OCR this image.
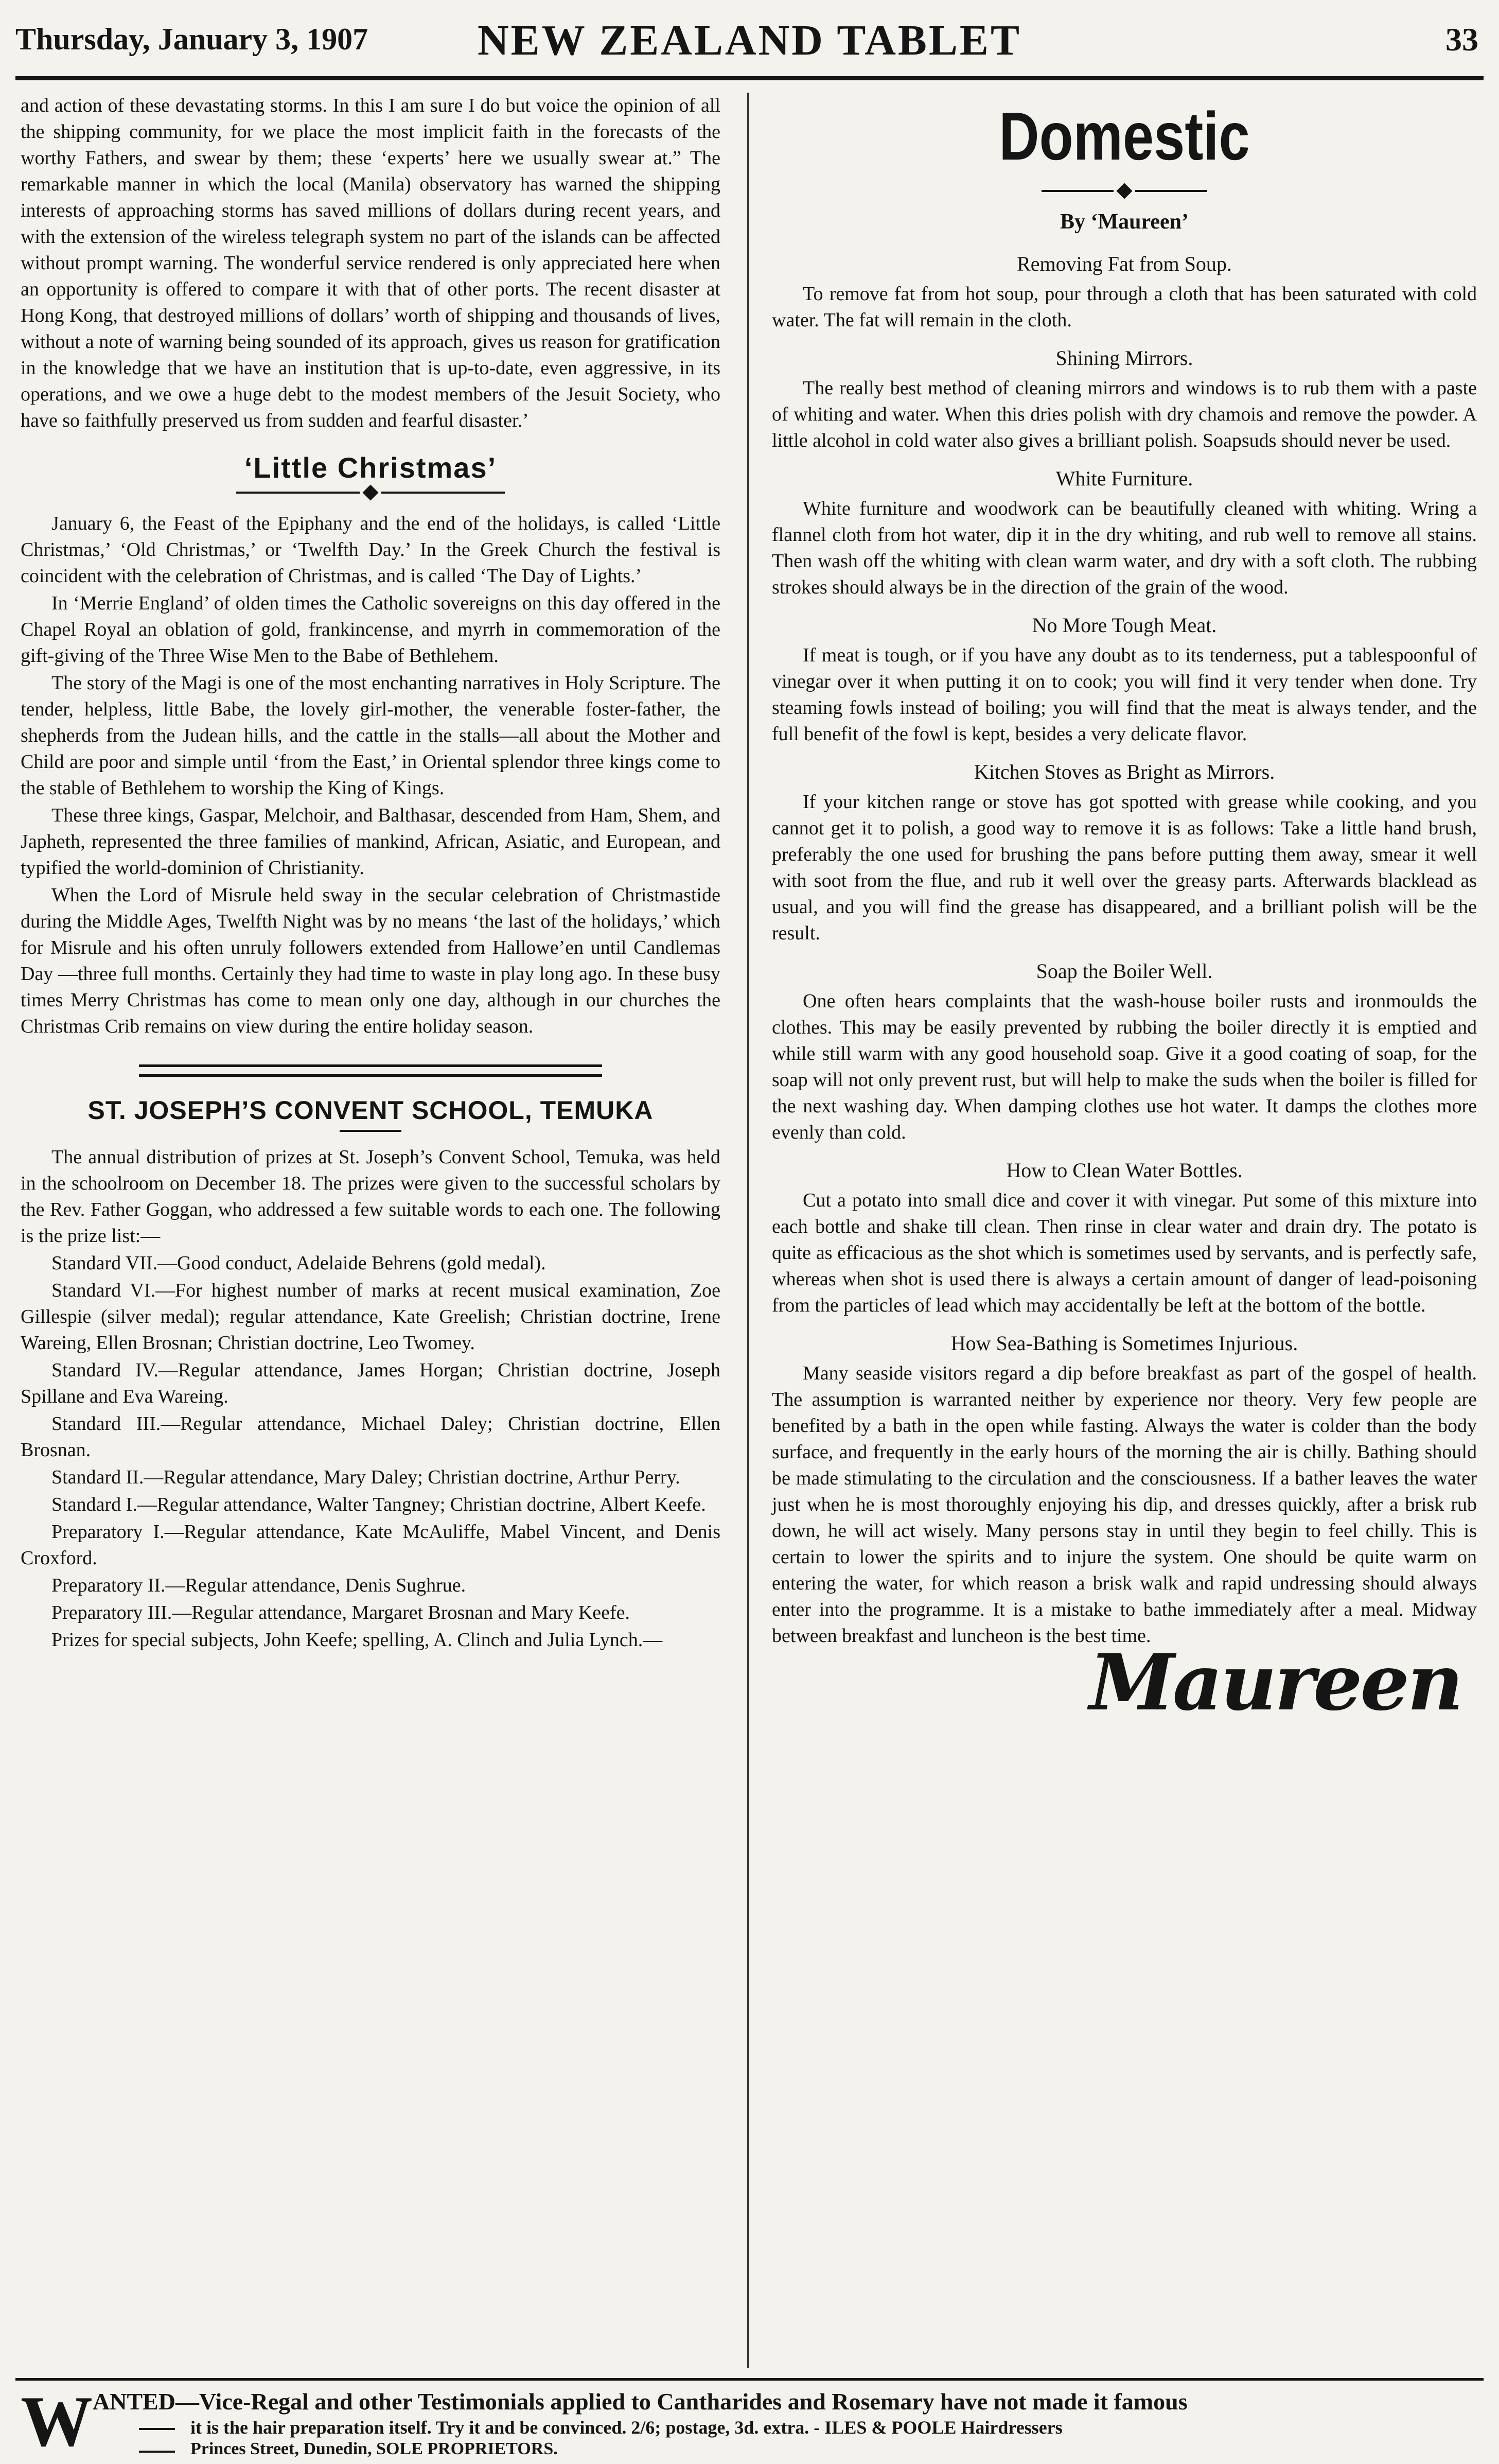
Thursday, January 3, 1907	NEW ZEALAND TABLET	33

and action of these devastating storms. In this I am sure I do but voice the opinion of all the shipping community, for we place the most implicit faith in the forecasts of the worthy Fathers, and swear by them; these ‘experts’ here we usually swear at.” The remarkable manner in which the local (Manila) observatory has warned the shipping interests of approaching storms has saved millions of dollars during recent years, and with the extension of the wireless telegraph system no part of the islands can be affected without prompt warning. The wonderful service rendered is only appreciated here when an opportunity is offered to compare it with that of other ports. The recent disaster at Hong Kong, that destroyed millions of dollars’ worth of shipping and thousands of lives, without a note of warning being sounded of its approach, gives us reason for gratification in the knowledge that we have an institution that is up-to-date, even aggressive, in its operations, and we owe a huge debt to the modest members of the Jesuit Society, who have so faithfully preserved us from sudden and fearful disaster.’

‘Little Christmas’

January 6, the Feast of the Epiphany and the end of the holidays, is called ‘Little Christmas,’ ‘Old Christmas,’ or ‘Twelfth Day.’ In the Greek Church the festival is coincident with the celebration of Christmas, and is called ‘The Day of Lights.’

In ‘Merrie England’ of olden times the Catholic sovereigns on this day offered in the Chapel Royal an oblation of gold, frankincense, and myrrh in commemoration of the gift-giving of the Three Wise Men to the Babe of Bethlehem.

The story of the Magi is one of the most enchanting narratives in Holy Scripture. The tender, helpless, little Babe, the lovely girl-mother, the venerable foster-father, the shepherds from the Judean hills, and the cattle in the stalls—all about the Mother and Child are poor and simple until ‘from the East,’ in Oriental splendor three kings come to the stable of Bethlehem to worship the King of Kings.

These three kings, Gaspar, Melchoir, and Balthasar, descended from Ham, Shem, and Japheth, represented the three families of mankind, African, Asiatic, and European, and typified the world-dominion of Christianity.

When the Lord of Misrule held sway in the secular celebration of Christmastide during the Middle Ages, Twelfth Night was by no means ‘the last of the holidays,’ which for Misrule and his often unruly followers extended from Hallowe’en until Candlemas Day —three full months. Certainly they had time to waste in play long ago. In these busy times Merry Christmas has come to mean only one day, although in our churches the Christmas Crib remains on view during the entire holiday season.

ST. JOSEPH’S CONVENT SCHOOL, TEMUKA

The annual distribution of prizes at St. Joseph’s Convent School, Temuka, was held in the schoolroom on December 18. The prizes were given to the successful scholars by the Rev. Father Goggan, who addressed a few suitable words to each one. The following is the prize list:—

Standard VII.—Good conduct, Adelaide Behrens (gold medal).

Standard VI.—For highest number of marks at recent musical examination, Zoe Gillespie (silver medal); regular attendance, Kate Greelish; Christian doctrine, Irene Wareing, Ellen Brosnan; Christian doctrine, Leo Twomey.

Standard IV.—Regular attendance, James Horgan; Christian doctrine, Joseph Spillane and Eva Wareing.

Standard III.—Regular attendance, Michael Daley; Christian doctrine, Ellen Brosnan.

Standard II.—Regular attendance, Mary Daley; Christian doctrine, Arthur Perry.

Standard I.—Regular attendance, Walter Tangney; Christian doctrine, Albert Keefe.

Preparatory I.—Regular attendance, Kate McAuliffe, Mabel Vincent, and Denis Croxford.

Preparatory II.—Regular attendance, Denis Sughrue.

Preparatory III.—Regular attendance, Margaret Brosnan and Mary Keefe.

Prizes for special subjects, John Keefe; spelling, A. Clinch and Julia Lynch.—

Domestic
By ‘Maureen’
Removing Fat from Soup.

To remove fat from hot soup, pour through a cloth that has been saturated with cold water. The fat will remain in the cloth.

Shining Mirrors.

The really best method of cleaning mirrors and windows is to rub them with a paste of whiting and water. When this dries polish with dry chamois and remove the powder. A little alcohol in cold water also gives a brilliant polish. Soapsuds should never be used.

White Furniture.

White furniture and woodwork can be beautifully cleaned with whiting. Wring a flannel cloth from hot water, dip it in the dry whiting, and rub well to remove all stains. Then wash off the whiting with clean warm water, and dry with a soft cloth. The rubbing strokes should always be in the direction of the grain of the wood.

No More Tough Meat.

If meat is tough, or if you have any doubt as to its tenderness, put a tablespoonful of vinegar over it when putting it on to cook; you will find it very tender when done. Try steaming fowls instead of boiling; you will find that the meat is always tender, and the full benefit of the fowl is kept, besides a very delicate flavor.

Kitchen Stoves as Bright as Mirrors.

If your kitchen range or stove has got spotted with grease while cooking, and you cannot get it to polish, a good way to remove it is as follows: Take a little hand brush, preferably the one used for brushing the pans before putting them away, smear it well with soot from the flue, and rub it well over the greasy parts. Afterwards blacklead as usual, and you will find the grease has disappeared, and a brilliant polish will be the result.

Soap the Boiler Well.

One often hears complaints that the wash-house boiler rusts and ironmoulds the clothes. This may be easily prevented by rubbing the boiler directly it is emptied and while still warm with any good household soap. Give it a good coating of soap, for the soap will not only prevent rust, but will help to make the suds when the boiler is filled for the next washing day. When damping clothes use hot water. It damps the clothes more evenly than cold.

How to Clean Water Bottles.

Cut a potato into small dice and cover it with vinegar. Put some of this mixture into each bottle and shake till clean. Then rinse in clear water and drain dry. The potato is quite as efficacious as the shot which is sometimes used by servants, and is perfectly safe, whereas when shot is used there is always a certain amount of danger of lead-poisoning from the particles of lead which may accidentally be left at the bottom of the bottle.

How Sea-Bathing is Sometimes Injurious.

Many seaside visitors regard a dip before breakfast as part of the gospel of health. The assumption is warranted neither by experience nor theory. Very few people are benefited by a bath in the open while fasting. Always the water is colder than the body surface, and frequently in the early hours of the morning the air is chilly. Bathing should be made stimulating to the circulation and the consciousness. If a bather leaves the water just when he is most thoroughly enjoying his dip, and dresses quickly, after a brisk rub down, he will act wisely. Many persons stay in until they begin to feel chilly. This is certain to lower the spirits and to injure the system. One should be quite warm on entering the water, for which reason a brisk walk and rapid undressing should always enter into the programme. It is a mistake to bathe immediately after a meal. Midway between breakfast and luncheon is the best time.

Maureen
W ANTED—Vice-Regal and other Testimonials applied to Cantharides and Rosemary have not made it famous
it is the hair preparation itself. Try it and be convinced. 2/6; postage, 3d. extra. - ILES & POOLE Hairdressers
Princes Street, Dunedin, SOLE PROPRIETORS.
